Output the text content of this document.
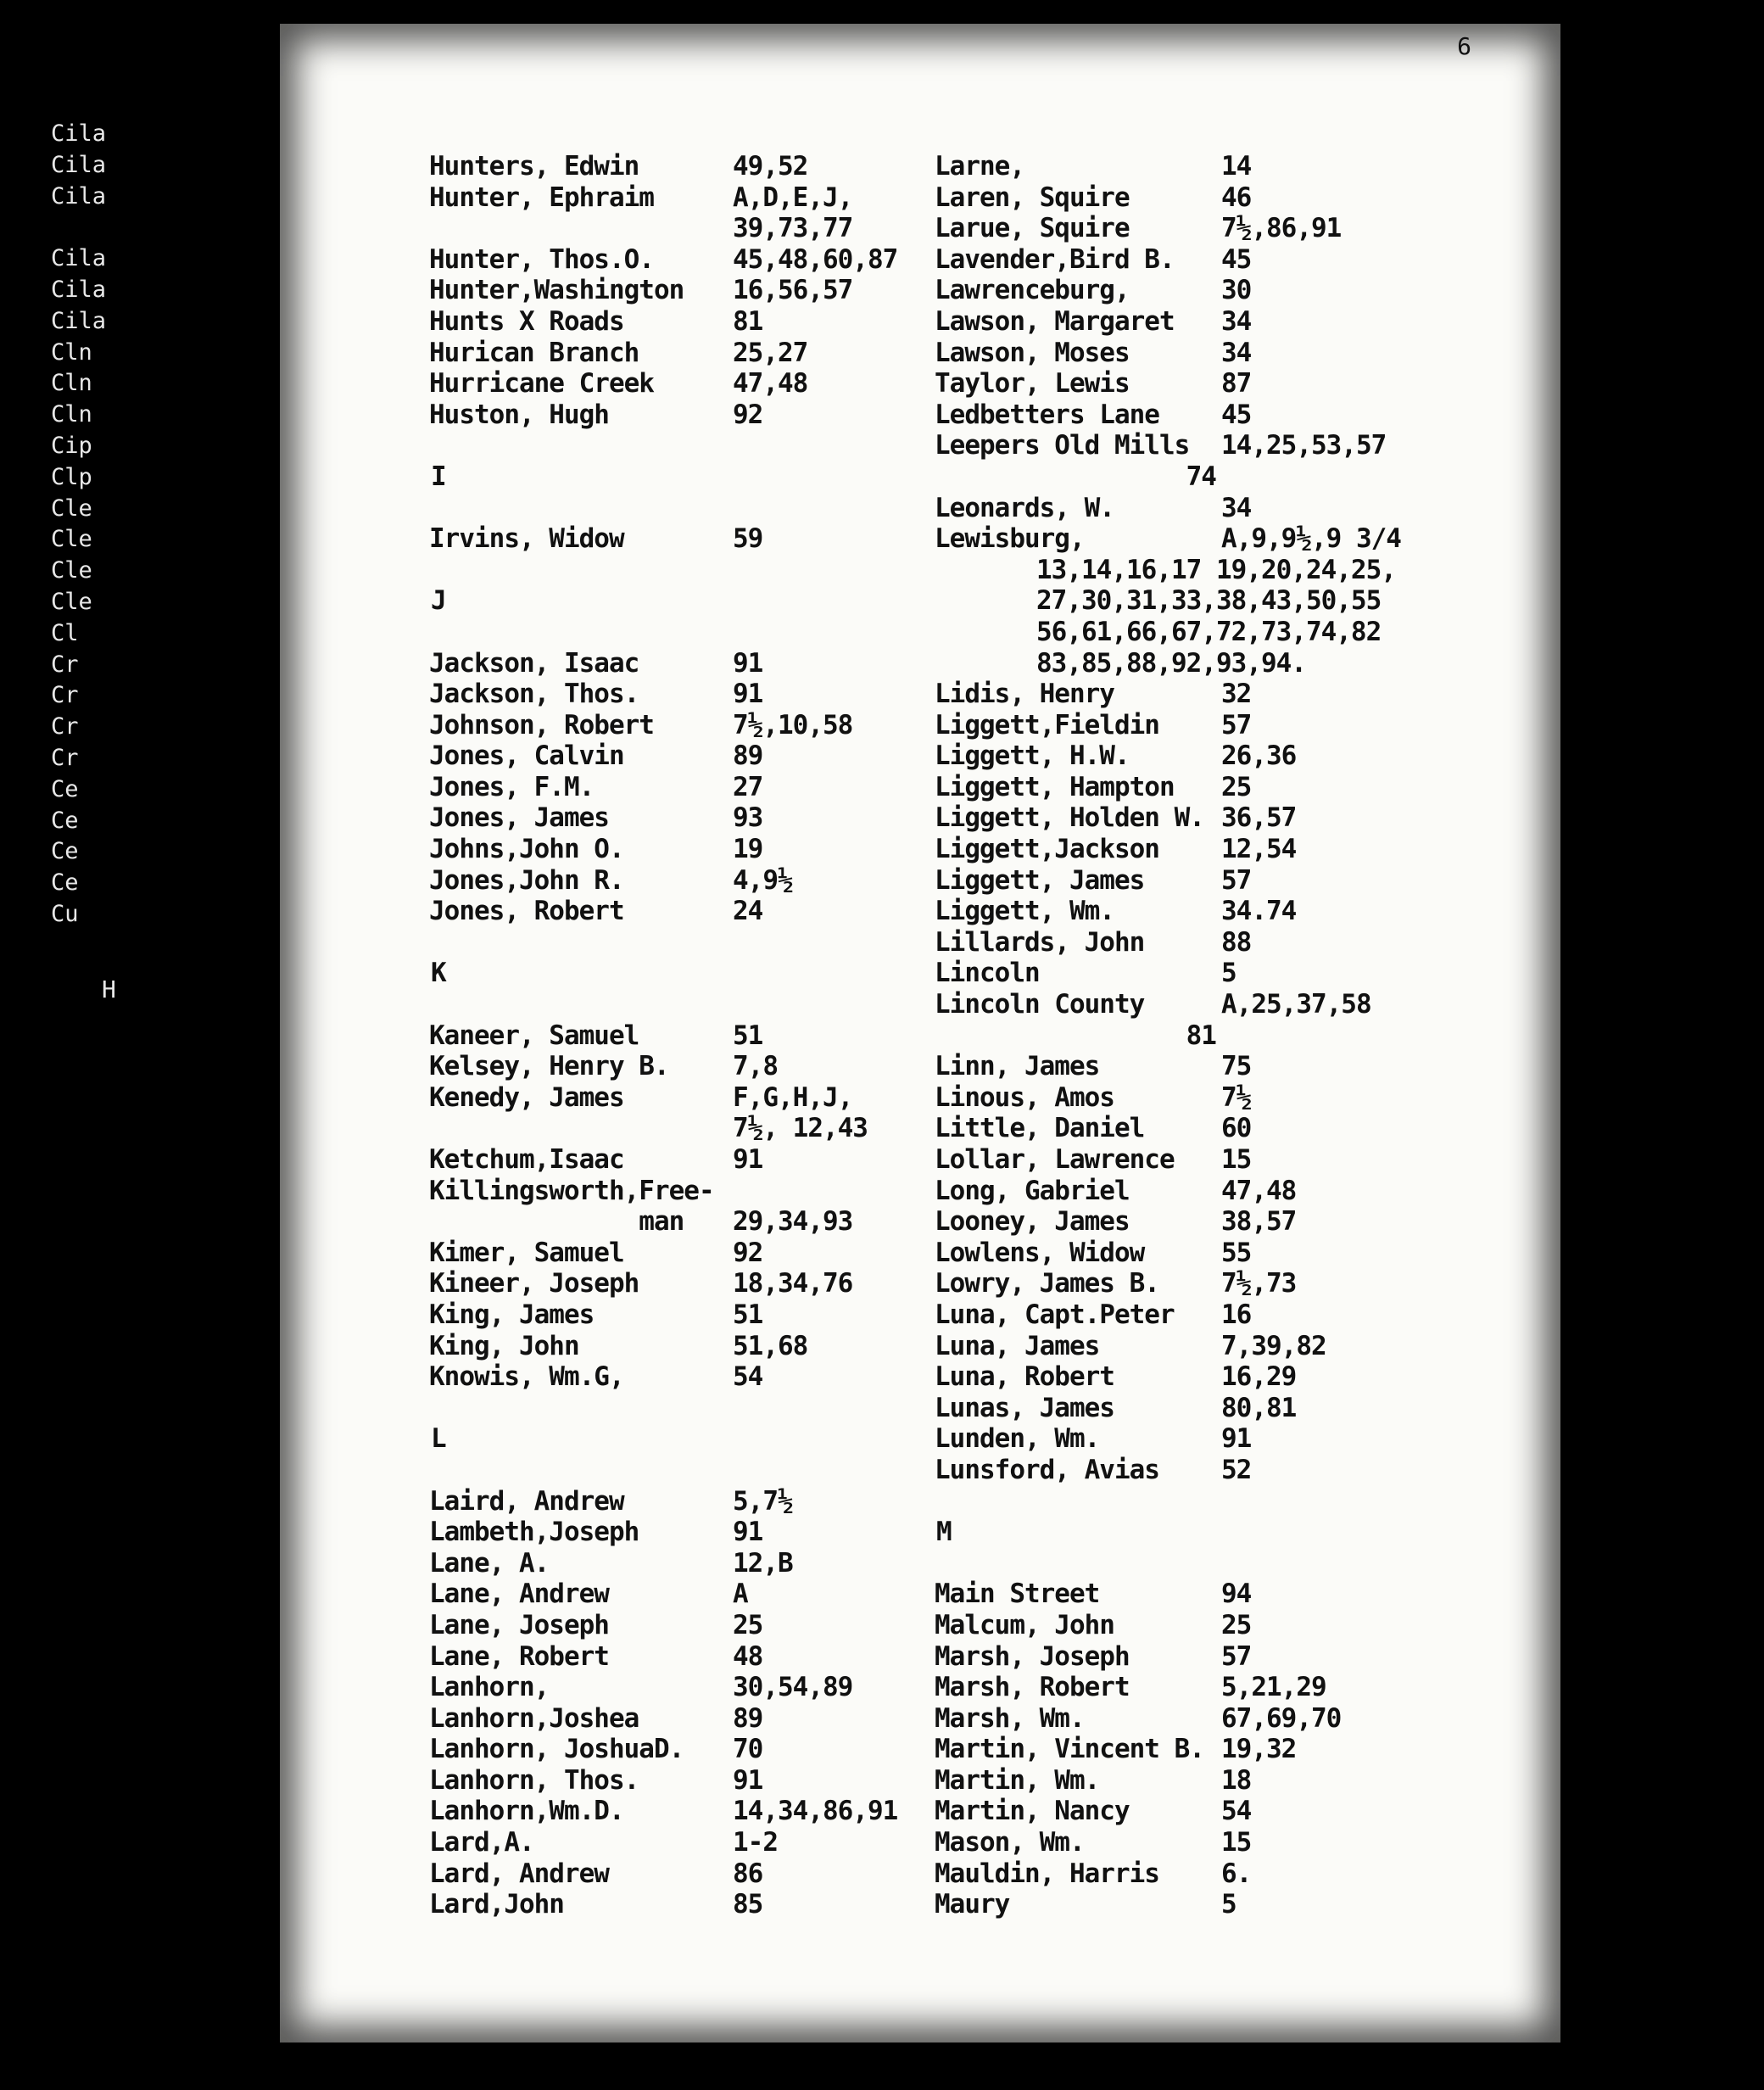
Cila
Cila
Cila
Cila
Cila
Cila
Cln
Cln
Cln
Cip
Clp
Cle
Cle
Cle
Cle
Cl
Cr
Cr
Cr
Cr
Ce
Ce
Ce
Ce
Cu
H
6
Hunters, Edwin	49,52
Hunter, Ephraim	A,D,E,J,
39,73,77
Hunter, Thos.O.	45,48,60,87
Hunter,Washington 16,56,57
Hunts X Roads	81
Hurican Branch	25,27
Hurricane Creek	47,48
Huston, Hugh	92
I
Irvins, Widow	59
J
Jackson, Isaac	91
Jackson, Thos.	91
Johnson, Robert	7½,10,58
Jones, Calvin	89
Jones, F.M.	27
Jones, James	93
Johns,John O.	19
Jones,John R.	4,9½
Jones, Robert	24
K
Kaneer, Samuel	51
Kelsey, Henry B. 7,8
Kenedy, James	F,G,H,J,
7½, 12,43
Ketchum,Isaac	91
Killingsworth,Free-
man 29,34,93
Kimer, Samuel	92
Kineer, Joseph	18,34,76
King, James	51
King, John	51,68
Knowis, Wm.G,	54
L
Laird, Andrew	5,7½
Lambeth,Joseph	91
Lane, A.	12,B
Lane, Andrew	A
Lane, Joseph	25
Lane, Robert	48
Lanhorn,	30,54,89
Lanhorn,Joshea	89
Lanhorn, JoshuaD. 70
Lanhorn, Thos.	91
Lanhorn,Wm.D.	14,34,86,91
Lard,A.	1-2
Lard, Andrew	86
Lard,John	85
Larne,	14
Laren, Squire	46
Larue, Squire	7½,86,91
Lavender,Bird B. 45
Lawrenceburg,	30
Lawson, Margaret 34
Lawson, Moses	34
Taylor, Lewis	87
Ledbetters Lane 45
Leepers Old Mills 14,25,53,57
74
Leonards, W.	34
Lewisburg,	A,9,9½,9 3/4
13,14,16,17 19,20,24,25,
27,30,31,33,38,43,50,55
56,61,66,67,72,73,74,82
83,85,88,92,93,94.
Lidis, Henry	32
Liggett,Fieldin 57
Liggett, H.W.	26,36
Liggett, Hampton 25
Liggett, Holden W. 36,57
Liggett,Jackson 12,54
Liggett, James	57
Liggett, Wm.	34.74
Lillards, John	88
Lincoln	5
Lincoln County	A,25,37,58
81
Linn, James	75
Linous, Amos	7½
Little, Daniel	60
Lollar, Lawrence 15
Long, Gabriel	47,48
Looney, James	38,57
Lowlens, Widow	55
Lowry, James B. 7½,73
Luna, Capt.Peter 16
Luna, James	7,39,82
Luna, Robert	16,29
Lunas, James	80,81
Lunden, Wm.	91
Lunsford, Avias 52
M
Main Street	94
Malcum, John	25
Marsh, Joseph	57
Marsh, Robert	5,21,29
Marsh, Wm.	67,69,70
Martin, Vincent B. 19,32
Martin, Wm.	18
Martin, Nancy	54
Mason, Wm.	15
Mauldin, Harris 6.
Maury	5
